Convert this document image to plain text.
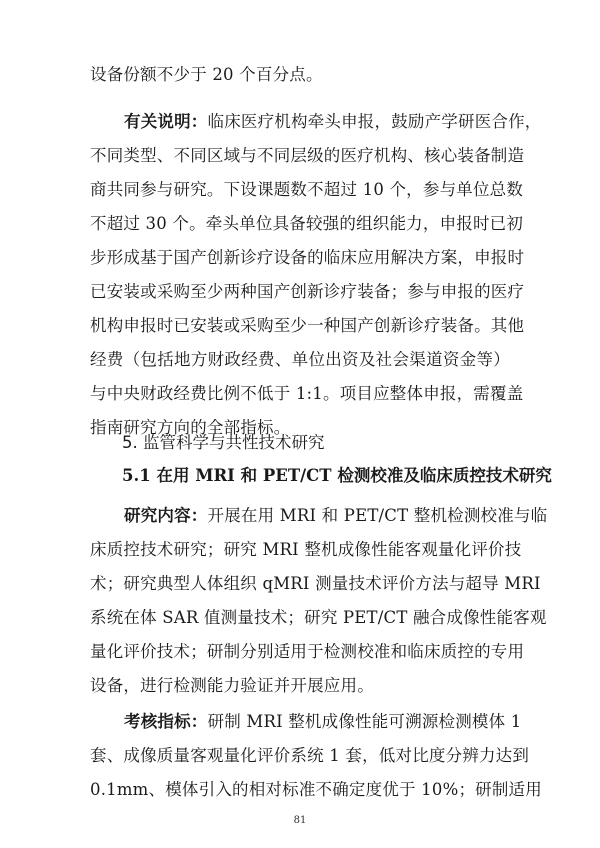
设备份额不少于 20 个百分点。
有关说明：临床医疗机构牵头申报，鼓励产学研医合作，
不同类型、不同区域与不同层级的医疗机构、核心装备制造
商共同参与研究。下设课题数不超过 10 个，参与单位总数
不超过 30 个。牵头单位具备较强的组织能力，申报时已初
步形成基于国产创新诊疗设备的临床应用解决方案，申报时
已安装或采购至少两种国产创新诊疗装备；参与申报的医疗
机构申报时已安装或采购至少一种国产创新诊疗装备。其他
经费（包括地方财政经费、单位出资及社会渠道资金等）
与中央财政经费比例不低于 1:1。项目应整体申报，需覆盖
指南研究方向的全部指标。
5. 监管科学与共性技术研究
5.1 在用 MRI 和 PET/CT 检测校准及临床质控技术研究
研究内容：开展在用 MRI 和 PET/CT 整机检测校准与临
床质控技术研究；研究 MRI 整机成像性能客观量化评价技
术；研究典型人体组织 qMRI 测量技术评价方法与超导 MRI
系统在体 SAR 值测量技术；研究 PET/CT 融合成像性能客观
量化评价技术；研制分别适用于检测校准和临床质控的专用
设备，进行检测能力验证并开展应用。
考核指标：研制 MRI 整机成像性能可溯源检测模体 1
套、成像质量客观量化评价系统 1 套，低对比度分辨力达到
0.1mm、模体引入的相对标准不确定度优于 10%；研制适用
81
